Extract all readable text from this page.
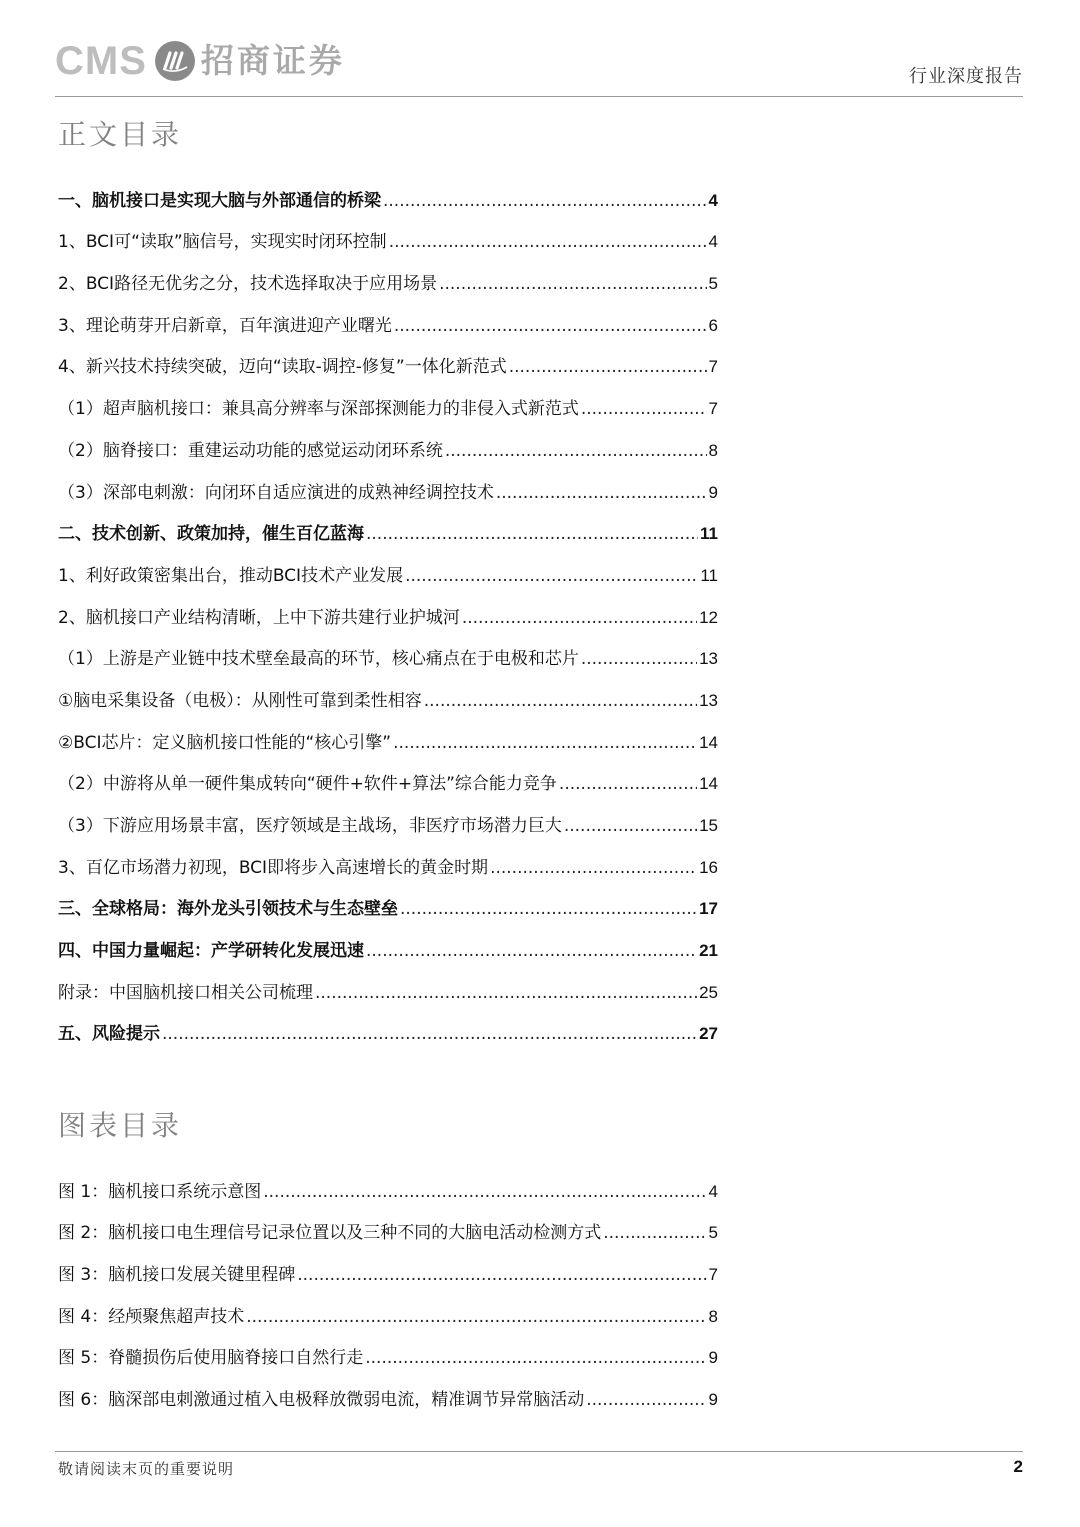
CMS 招商证券	行业深度报告
正文目录
一、脑机接口是实现大脑与外部通信的桥梁 .....	4
1、BCI可“读取”脑信号，实现实时闭环控制 .....	4
2、BCI路径无优劣之分，技术选择取决于应用场景 .....	5
3、理论萌芽开启新章，百年演进迎产业曙光 .....	6
4、新兴技术持续突破，迈向“读取-调控-修复”一体化新范式 .....	7
（1）超声脑机接口：兼具高分辨率与深部探测能力的非侵入式新范式 .....	7
（2）脑脊接口：重建运动功能的感觉运动闭环系统 .....	8
（3）深部电刺激：向闭环自适应演进的成熟神经调控技术 .....	9
二、技术创新、政策加持，催生百亿蓝海 .....	11
1、利好政策密集出台，推动BCI技术产业发展 .....	11
2、脑机接口产业结构清晰，上中下游共建行业护城河 .....	12
（1）上游是产业链中技术壁垒最高的环节，核心痛点在于电极和芯片 .....	13
①脑电采集设备（电极）：从刚性可靠到柔性相容 .....	13
②BCI芯片：定义脑机接口性能的“核心引擎” .....	14
（2）中游将从单一硬件集成转向“硬件+软件+算法”综合能力竞争 .....	14
（3）下游应用场景丰富，医疗领域是主战场，非医疗市场潜力巨大 .....	15
3、百亿市场潜力初现，BCI即将步入高速增长的黄金时期 .....	16
三、全球格局：海外龙头引领技术与生态壁垒 .....	17
四、中国力量崛起：产学研转化发展迅速 .....	21
附录：中国脑机接口相关公司梳理 .....	25
五、风险提示 .....	27
图表目录
图 1：脑机接口系统示意图 .....	4
图 2：脑机接口电生理信号记录位置以及三种不同的大脑电活动检测方式 .....	5
图 3：脑机接口发展关键里程碑 .....	7
图 4：经颅聚焦超声技术 .....	8
图 5：脊髓损伤后使用脑脊接口自然行走 .....	9
图 6：脑深部电刺激通过植入电极释放微弱电流，精准调节异常脑活动 .....	9
敬请阅读末页的重要说明	2
